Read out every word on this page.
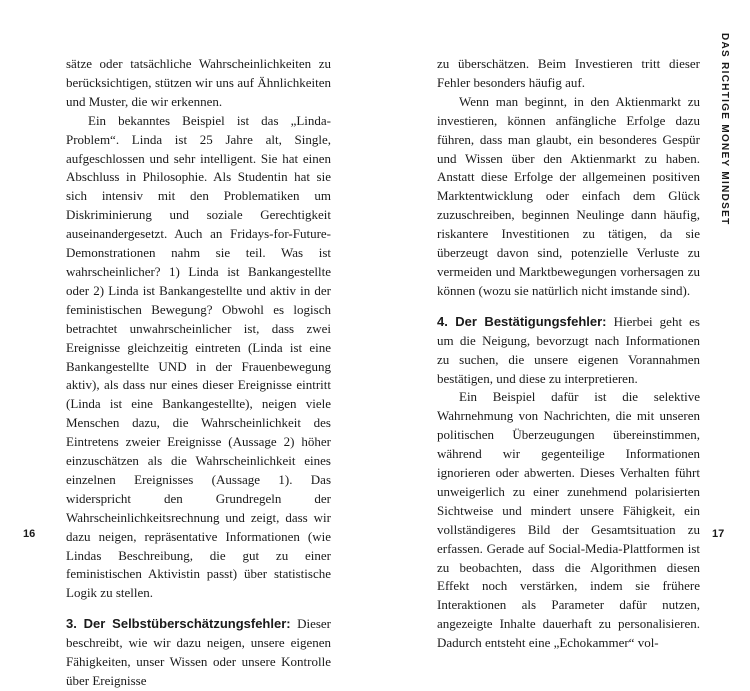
sätze oder tatsächliche Wahrscheinlichkeiten zu berücksichtigen, stützen wir uns auf Ähnlichkeiten und Muster, die wir erkennen.

Ein bekanntes Beispiel ist das „Linda-Problem“. Linda ist 25 Jahre alt, Single, aufgeschlossen und sehr intelligent. Sie hat einen Abschluss in Philosophie. Als Studentin hat sie sich intensiv mit den Problematiken um Diskriminierung und soziale Gerechtigkeit auseinandergesetzt. Auch an Fridays-for-Future-Demonstrationen nahm sie teil. Was ist wahrscheinlicher? 1) Linda ist Bankangestellte oder 2) Linda ist Bankangestellte und aktiv in der feministischen Bewegung? Obwohl es logisch betrachtet unwahrscheinlicher ist, dass zwei Ereignisse gleichzeitig eintreten (Linda ist eine Bankangestellte UND in der Frauenbewegung aktiv), als dass nur eines dieser Ereignisse eintritt (Linda ist eine Bankangestellte), neigen viele Menschen dazu, die Wahrscheinlichkeit des Eintretens zweier Ereignisse (Aussage 2) höher einzuschätzen als die Wahrscheinlichkeit eines einzelnen Ereignisses (Aussage 1). Das widerspricht den Grundregeln der Wahrscheinlichkeitsrechnung und zeigt, dass wir dazu neigen, repräsentative Informationen (wie Lindas Beschreibung, die gut zu einer feministischen Aktivistin passt) über statistische Logik zu stellen.

3. Der Selbstüberschätzungsfehler: Dieser beschreibt, wie wir dazu neigen, unsere eigenen Fähigkeiten, unser Wissen oder unsere Kontrolle über Ereignisse

16

zu überschätzen. Beim Investieren tritt dieser Fehler besonders häufig auf.

Wenn man beginnt, in den Aktienmarkt zu investieren, können anfängliche Erfolge dazu führen, dass man glaubt, ein besonderes Gespür und Wissen über den Aktienmarkt zu haben. Anstatt diese Erfolge der allgemeinen positiven Marktentwicklung oder einfach dem Glück zuzuschreiben, beginnen Neulinge dann häufig, riskantere Investitionen zu tätigen, da sie überzeugt davon sind, potenzielle Verluste zu vermeiden und Marktbewegungen vorhersagen zu können (wozu sie natürlich nicht imstande sind).

4. Der Bestätigungsfehler: Hierbei geht es um die Neigung, bevorzugt nach Informationen zu suchen, die unsere eigenen Vorannahmen bestätigen, und diese zu interpretieren.

Ein Beispiel dafür ist die selektive Wahrnehmung von Nachrichten, die mit unseren politischen Überzeugungen übereinstimmen, während wir gegenteilige Informationen ignorieren oder abwerten. Dieses Verhalten führt unweigerlich zu einer zunehmend polarisierten Sichtweise und mindert unsere Fähigkeit, ein vollständigeres Bild der Gesamtsituation zu erfassen. Gerade auf Social-Media-Plattformen ist zu beobachten, dass die Algorithmen diesen Effekt noch verstärken, indem sie frühere Interaktionen als Parameter dafür nutzen, angezeigte Inhalte dauerhaft zu personalisieren. Dadurch entsteht eine „Echokammer“ vol-

DAS RICHTIGE MONEY MINDSET
17
